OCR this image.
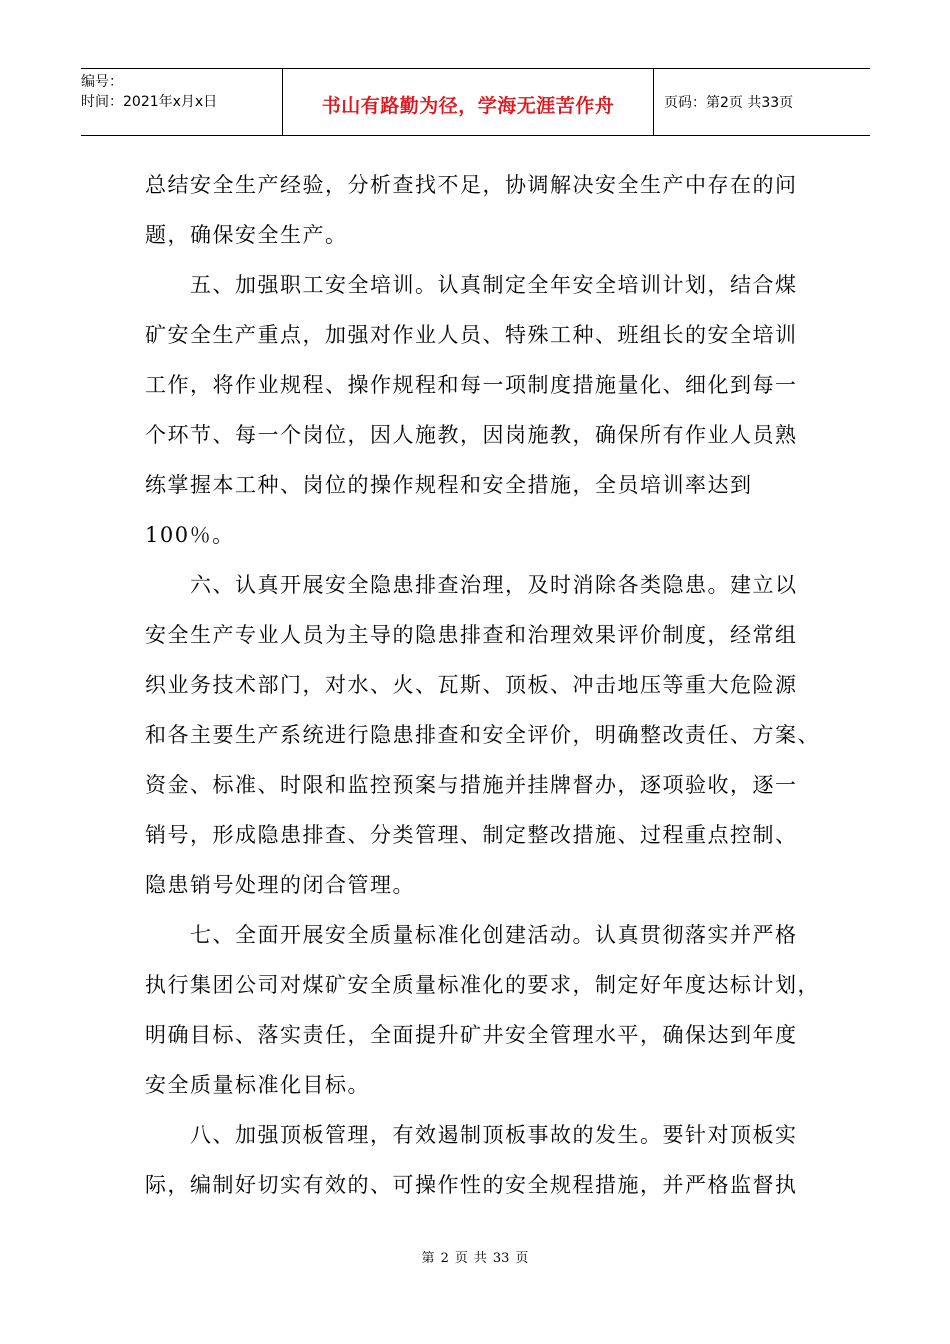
编号：
时间：2021年x月x日	书山有路勤为径，学海无涯苦作舟	页码：第2页 共33页
总结安全生产经验，分析查找不足，协调解决安全生产中存在的问
题，确保安全生产。
五、加强职工安全培训。认真制定全年安全培训计划，结合煤
矿安全生产重点，加强对作业人员、特殊工种、班组长的安全培训
工作，将作业规程、操作规程和每一项制度措施量化、细化到每一
个环节、每一个岗位，因人施教，因岗施教，确保所有作业人员熟
练掌握本工种、岗位的操作规程和安全措施，全员培训率达到
100％。
六、认真开展安全隐患排查治理，及时消除各类隐患。建立以
安全生产专业人员为主导的隐患排查和治理效果评价制度，经常组
织业务技术部门，对水、火、瓦斯、顶板、冲击地压等重大危险源
和各主要生产系统进行隐患排查和安全评价，明确整改责任、方案、
资金、标准、时限和监控预案与措施并挂牌督办，逐项验收，逐一
销号，形成隐患排查、分类管理、制定整改措施、过程重点控制、
隐患销号处理的闭合管理。
七、全面开展安全质量标准化创建活动。认真贯彻落实并严格
执行集团公司对煤矿安全质量标准化的要求，制定好年度达标计划，
明确目标、落实责任，全面提升矿井安全管理水平，确保达到年度
安全质量标准化目标。
八、加强顶板管理，有效遏制顶板事故的发生。要针对顶板实
际，编制好切实有效的、可操作性的安全规程措施，并严格监督执
第 2 页 共 33 页
